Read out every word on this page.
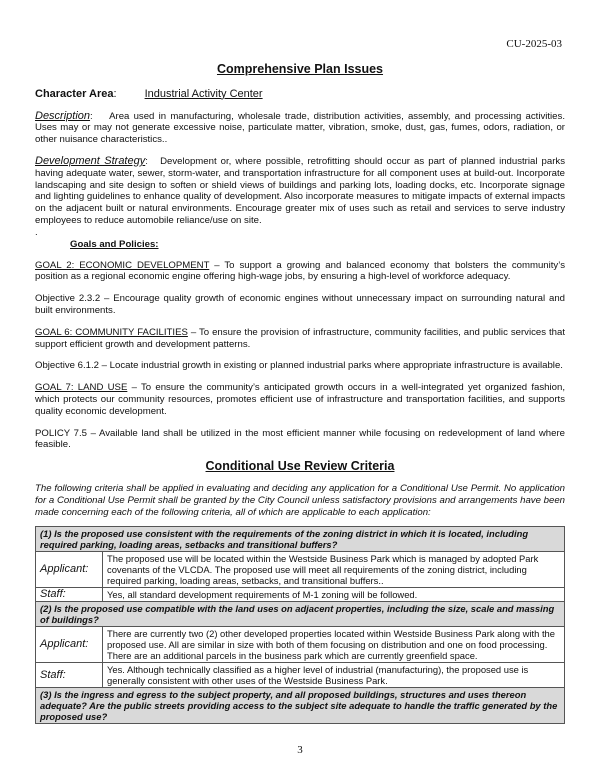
CU-2025-03
Comprehensive Plan Issues
Character Area:	Industrial Activity Center

Description:    Area used in manufacturing, wholesale trade, distribution activities, assembly, and processing activities. Uses may or may not generate excessive noise, particulate matter, vibration, smoke, dust, gas, fumes, odors, radiation, or other nuisance characteristics..

Development Strategy:   Development or, where possible, retrofitting should occur as part of planned industrial parks having adequate water, sewer, storm-water, and transportation infrastructure for all component uses at build-out. Incorporate landscaping and site design to soften or shield views of buildings and parking lots, loading docks, etc. Incorporate signage and lighting guidelines to enhance quality of development. Also incorporate measures to mitigate impacts of external impacts on the adjacent built or natural environments. Encourage greater mix of uses such as retail and services to serve industry employees to reduce automobile reliance/use on site.

.
Goals and Policies:

GOAL 2: ECONOMIC DEVELOPMENT – To support a growing and balanced economy that bolsters the community’s position as a regional economic engine offering high-wage jobs, by ensuring a high-level of workforce adequacy.

Objective 2.3.2 – Encourage quality growth of economic engines without unnecessary impact on surrounding natural and built environments.

GOAL 6: COMMUNITY FACILITIES – To ensure the provision of infrastructure, community facilities, and public services that support efficient growth and development patterns.

Objective 6.1.2 – Locate industrial growth in existing or planned industrial parks where appropriate infrastructure is available.

GOAL 7: LAND USE – To ensure the community’s anticipated growth occurs in a well-integrated yet organized fashion, which protects our community resources, promotes efficient use of infrastructure and transportation facilities, and supports quality economic development.

POLICY 7.5 – Available land shall be utilized in the most efficient manner while focusing on redevelopment of land where feasible.

Conditional Use Review Criteria

The following criteria shall be applied in evaluating and deciding any application for a Conditional Use Permit. No application for a Conditional Use Permit shall be granted by the City Council unless satisfactory provisions and arrangements have been made concerning each of the following criteria, all of which are applicable to each application:

(1) Is the proposed use consistent with the requirements of the zoning district in which it is located, including required parking, loading areas, setbacks and transitional buffers?	
Applicant:	The proposed use will be located within the Westside Business Park which is managed by adopted Park covenants of the VLCDA. The proposed use will meet all requirements of the zoning district, including required parking, loading areas, setbacks, and transitional buffers..
Staff:	Yes, all standard development requirements of M-1 zoning will be followed.
(2) Is the proposed use compatible with the land uses on adjacent properties, including the size, scale and massing of buildings?	
Applicant:	There are currently two (2) other developed properties located within Westside Business Park along with the proposed use. All are similar in size with both of them focusing on distribution and one on food processing. There are an additional parcels in the business park which are currently greenfield space.
Staff:	Yes. Although technically classified as a higher level of industrial (manufacturing), the proposed use is generally consistent with other uses of the Westside Business Park.
(3) Is the ingress and egress to the subject property, and all proposed buildings, structures and uses thereon adequate? Are the public streets providing access to the subject site adequate to handle the traffic generated by the proposed use?	
3
